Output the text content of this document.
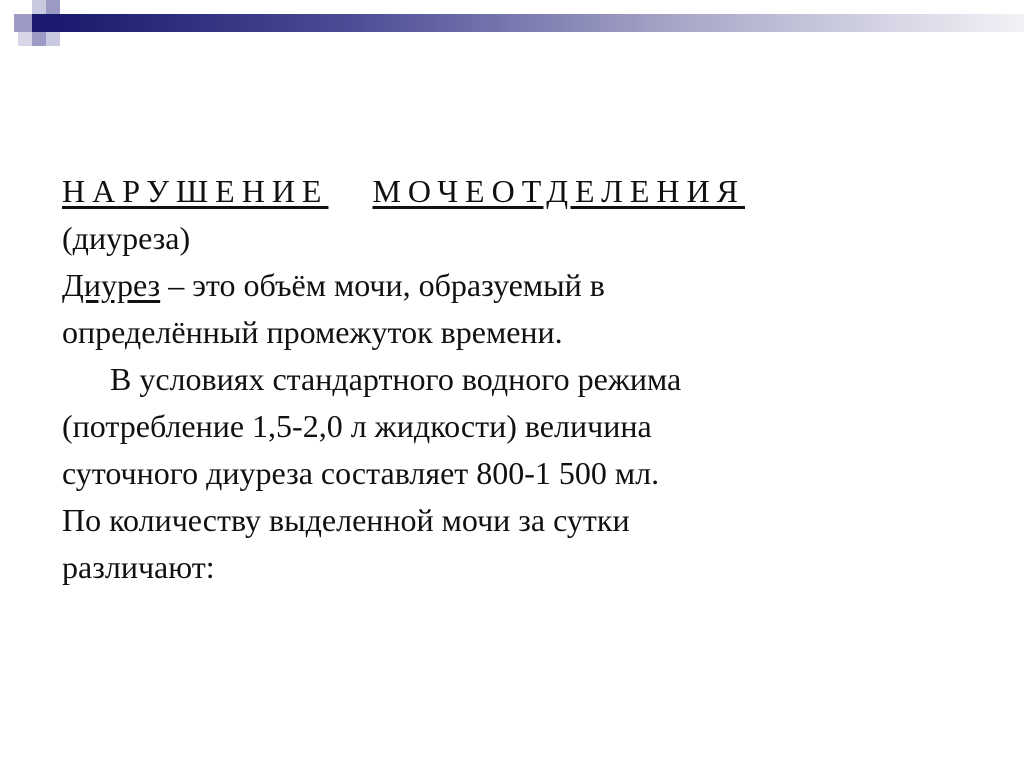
НАРУШЕНИЕ МОЧЕОТДЕЛЕНИЯ
(диуреза)
Диурез – это объём мочи, образуемый в
определённый промежуток времени.
В условиях стандартного водного режима
(потребление 1,5-2,0 л жидкости) величина
суточного диуреза составляет 800-1 500 мл.
По количеству выделенной мочи за сутки
различают:
